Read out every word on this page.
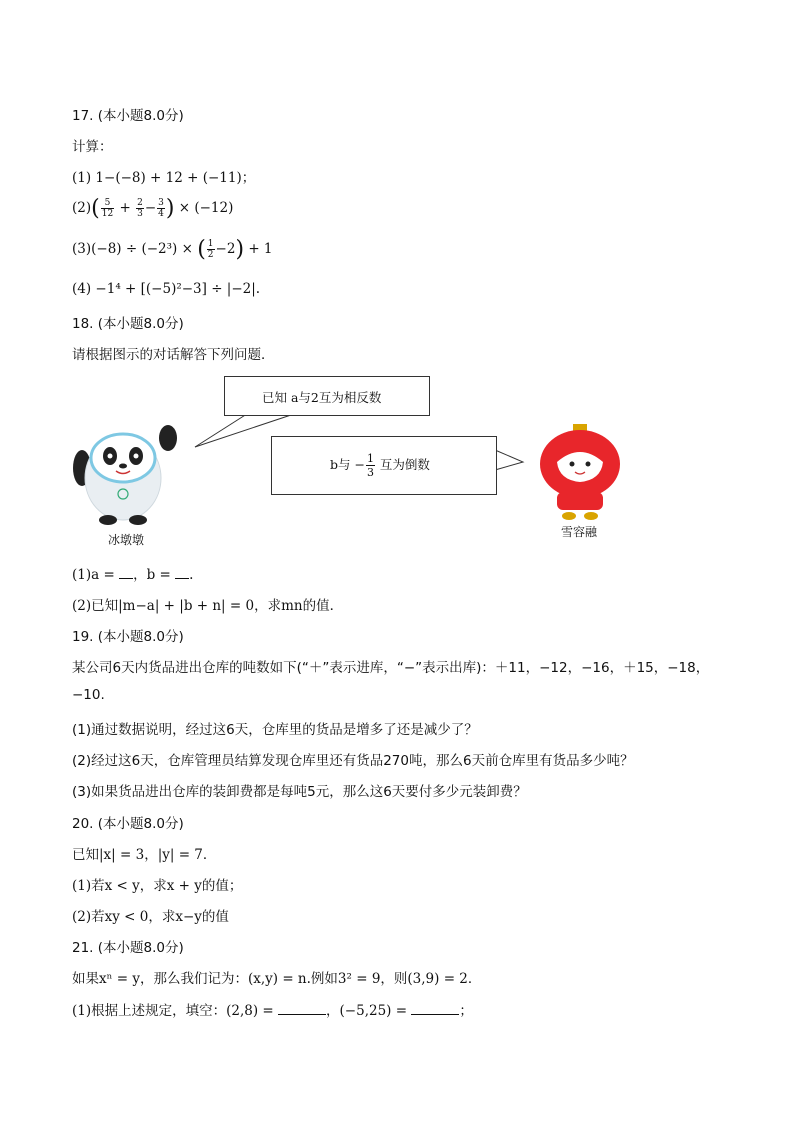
17. (本小题8.0分)
计算：
(1) 1−(−8) + 12 + (−11)；
$(2)( \frac{5}{12} + \frac{2}{3} - \frac{3}{4}$ ) × (−12)
(3)(−8) ÷ (−2³) × ( $\frac{1}{2} -2) + 1$
(4) −1⁴ + [(−5)²−3] ÷ |−2|.
18. (本小题8.0分)
请根据图示的对话解答下列问题．
已知 a与2互为相反数
b与 − $\frac{1}{3}$ 互为倒数
冰墩墩
雪容融
(1)a = ，b = .
(2)已知|m−a| + |b + n| = 0，求mn的值．
19. (本小题8.0分)
某公司6天内货品进出仓库的吨数如下(“＋”表示进库，“−”表示出库)：＋11，−12，−16，＋15，−18，
−10.
(1)通过数据说明，经过这6天，仓库里的货品是增多了还是减少了？
(2)经过这6天，仓库管理员结算发现仓库里还有货品270吨，那么6天前仓库里有货品多少吨？
(3)如果货品进出仓库的装卸费都是每吨5元，那么这6天要付多少元装卸费？
20. (本小题8.0分)
已知|x| = 3，|y| = 7．
(1)若x < y，求x + y的值；
(2)若xy < 0，求x−y的值
21. (本小题8.0分)
如果xⁿ = y，那么我们记为：(x,y) = n.例如3² = 9，则(3,9) = 2．
(1)根据上述规定，填空：(2,8) =	，(−5,25) =	；
